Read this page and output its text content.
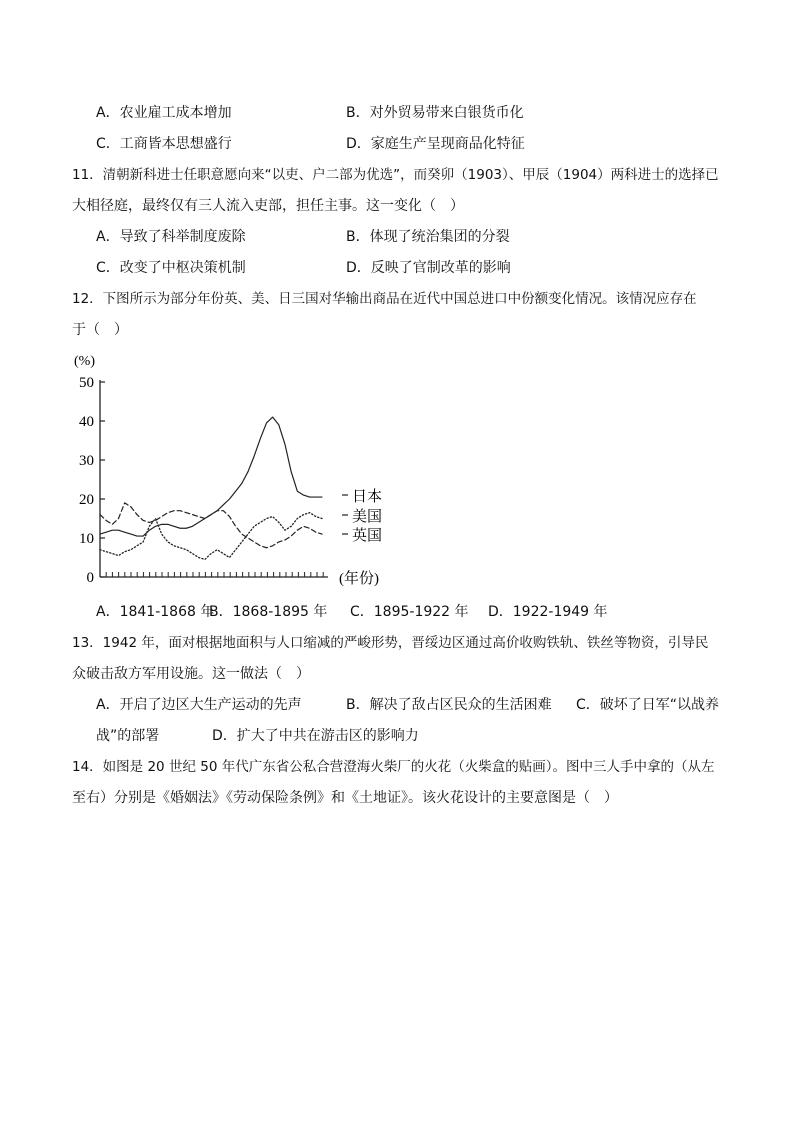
A．农业雇工成本增加	B．对外贸易带来白银货币化
C．工商皆本思想盛行	D．家庭生产呈现商品化特征
11．清朝新科进士任职意愿向来“以吏、户二部为优选”，而癸卯（1903）、甲辰（1904）两科进士的选择已
大相径庭，最终仅有三人流入吏部，担任主事。这一变化（　）
A．导致了科举制度废除	B．体现了统治集团的分裂
C．改变了中枢决策机制	D．反映了官制改革的影响
12．下图所示为部分年份英、美、日三国对华输出商品在近代中国总进口中份额变化情况。该情况应存在
于（　）
(%)
50
40
30
20
10
0
日本
美国
英国
(年份)
A．1841-1868 年
B．1868-1895 年 C．1895-1922 年 D．1922-1949 年
13．1942 年，面对根据地面积与人口缩减的严峻形势，晋绥边区通过高价收购铁轨、铁丝等物资，引导民
众破击敌方军用设施。这一做法（　）
A．开启了边区大生产运动的先声	B．解决了敌占区民众的生活困难 C．破坏了日军“以战养
战”的部署	D．扩大了中共在游击区的影响力
14．如图是 20 世纪 50 年代广东省公私合营澄海火柴厂的火花（火柴盒的贴画）。图中三人手中拿的（从左
至右）分别是《婚姻法》《劳动保险条例》和《土地证》。该火花设计的主要意图是（　）
